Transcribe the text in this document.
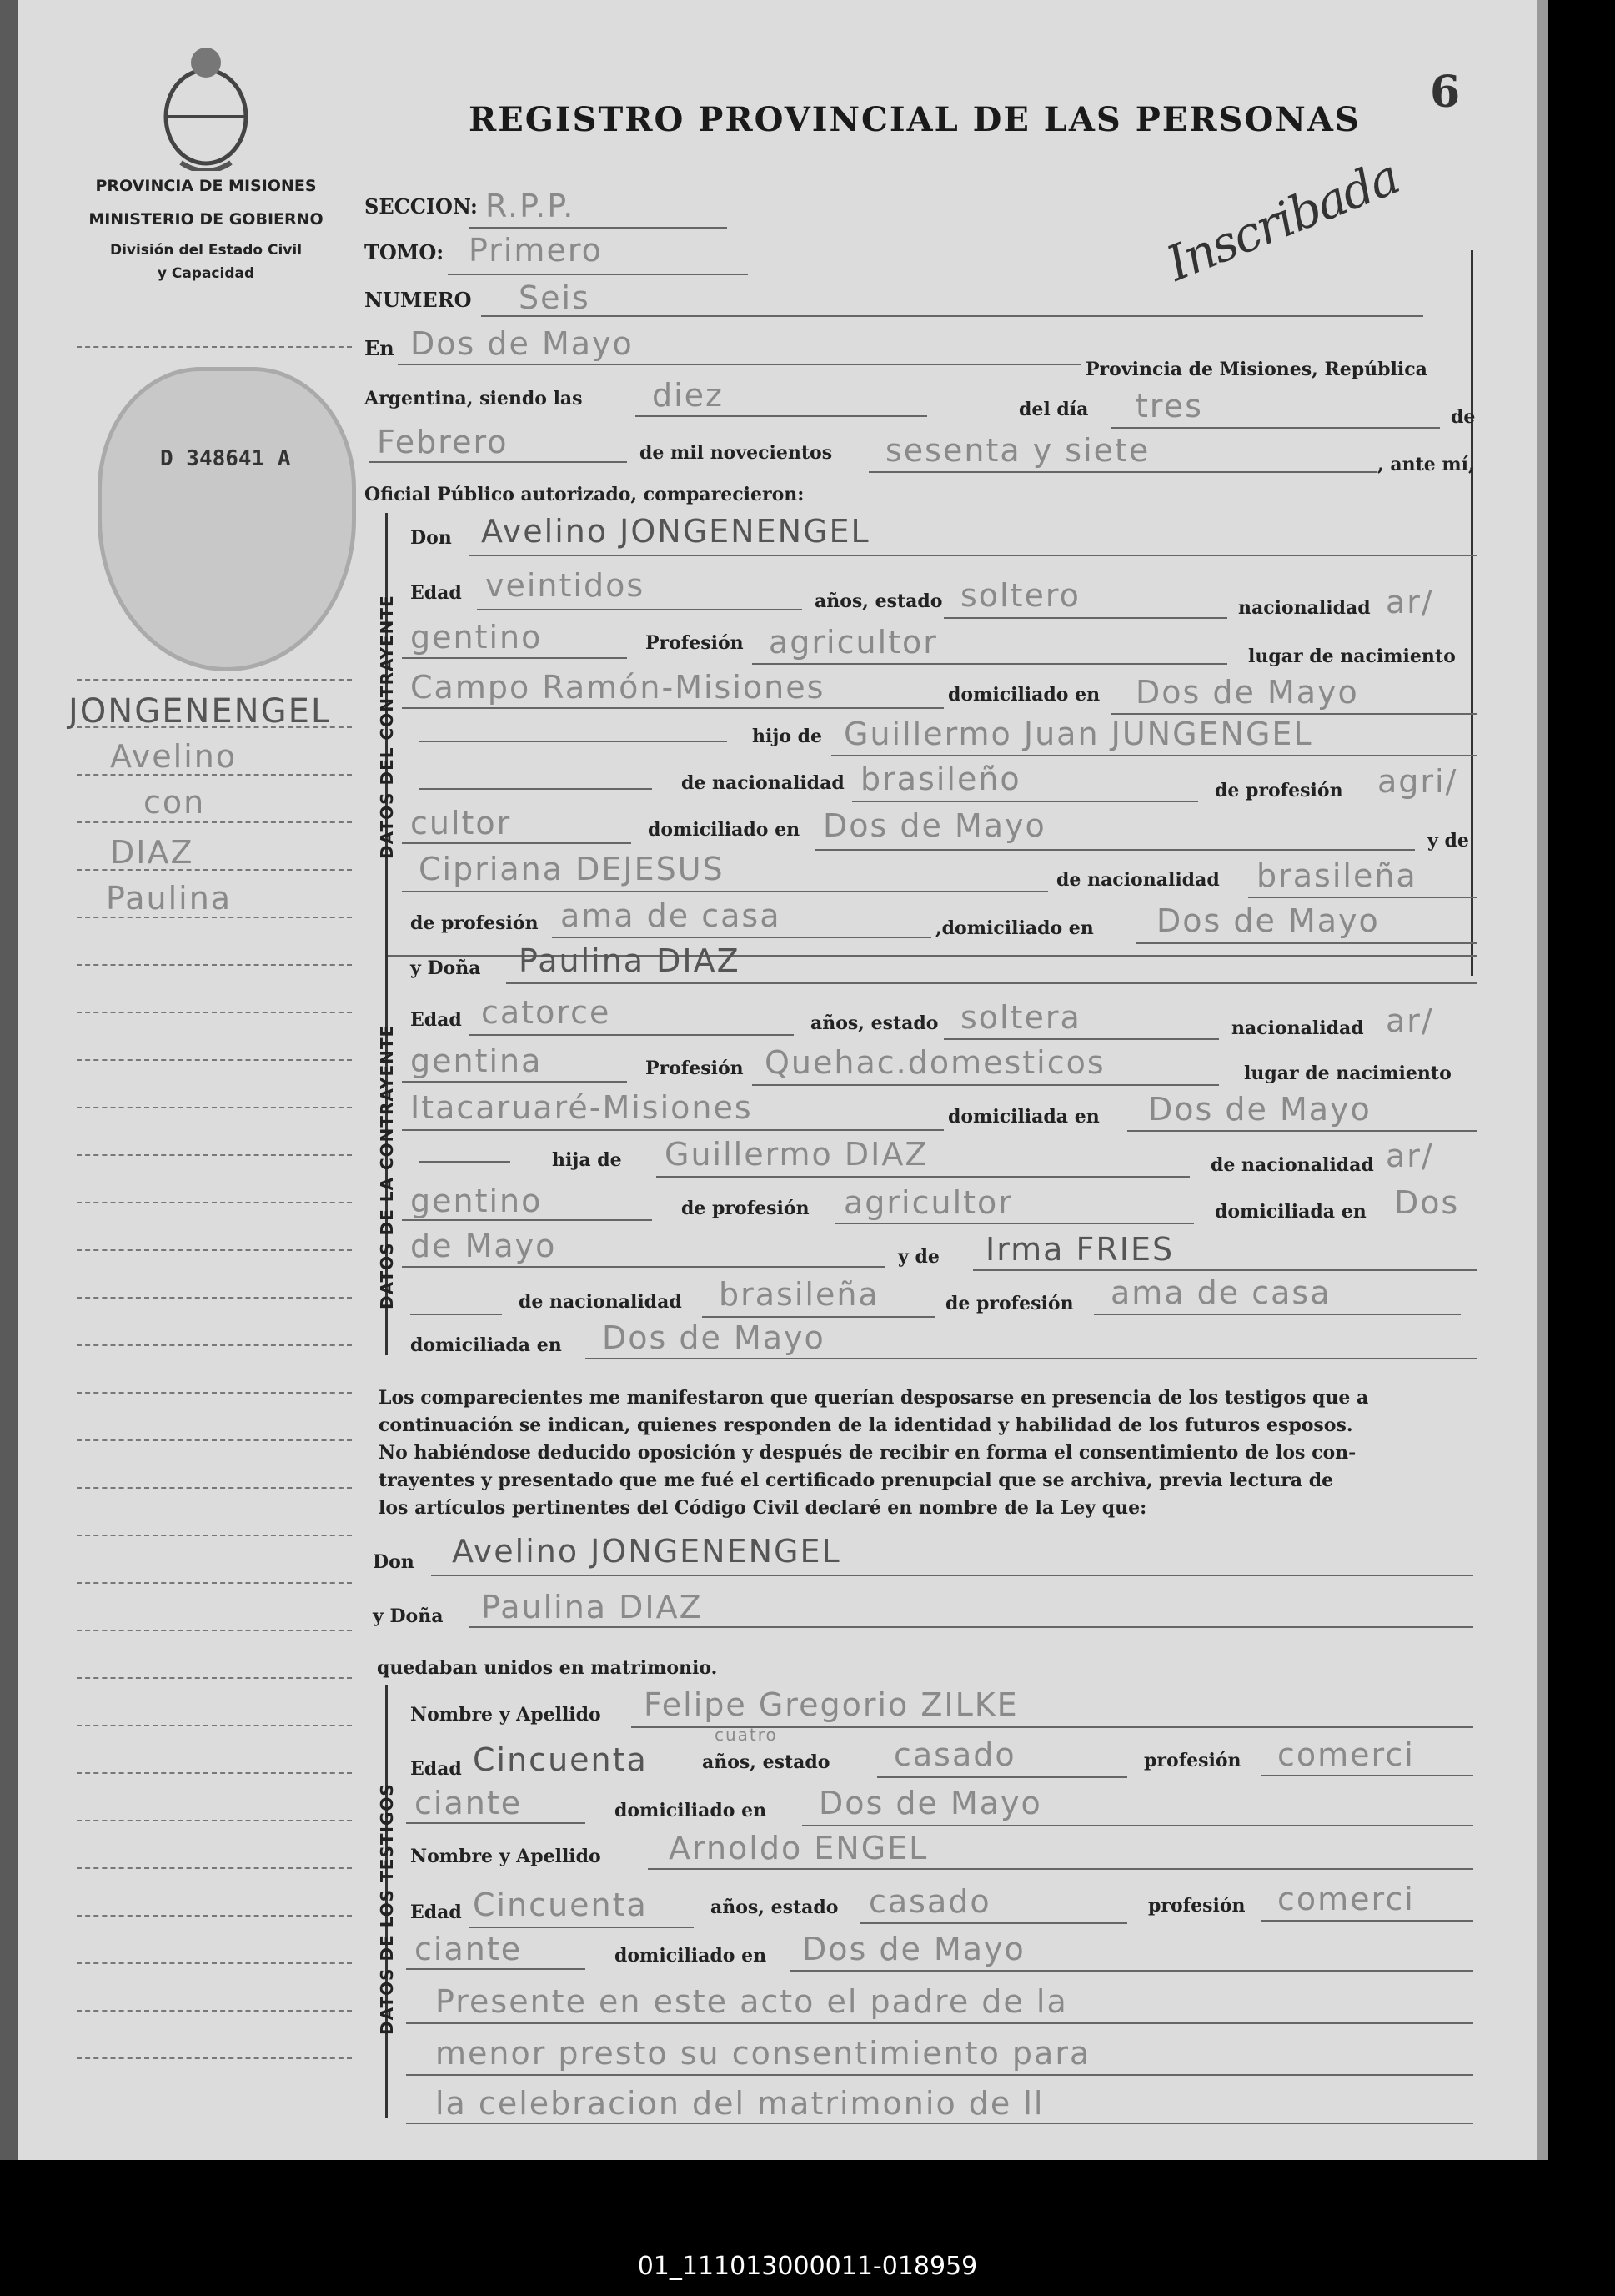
6
REGISTRO PROVINCIAL DE LAS PERSONAS
PROVINCIA DE MISIONES
MINISTERIO DE GOBIERNO
División del Estado Civil
y Capacidad
D 348641 A
JONGENENGEL
Avelino
con
DIAZ
Paulina
Inscribada
SECCION: R.P.P.
TOMO: Primero
NUMERO Seis
En Dos de Mayo
Provincia de Misiones, República
Argentina, siendo las diez	del día tres	de
Febrero	de mil novecientos sesenta y siete	, ante mí,
Oficial Público autorizado, comparecieron:
DATOS DEL CONTRAYENTE
Don Avelino JONGENENGEL
Edad veintidos	años, estado soltero	nacionalidad ar/
gentino	Profesión agricultor	lugar de nacimiento
Campo Ramón-Misiones	domiciliado en Dos de Mayo
hijo de Guillermo Juan JUNGENGEL
de nacionalidad brasileño	de profesión agri/
cultor	domiciliado en Dos de Mayo	y de
Cipriana DEJESUS	de nacionalidad brasileña
de profesión ama de casa	,domiciliado en Dos de Mayo
DATOS DE LA CONTRAYENTE
y Doña Paulina DIAZ
Edad catorce	años, estado soltera	nacionalidad ar/
gentina	Profesión Quehac.domesticos	lugar de nacimiento
Itacaruaré-Misiones	domiciliada en Dos de Mayo
hija de Guillermo DIAZ	de nacionalidad ar/
gentino	de profesión agricultor	domiciliada en Dos
de Mayo	y de Irma FRIES
de nacionalidad brasileña	de profesión ama de casa
domiciliada en Dos de Mayo
Los comparecientes me manifestaron que querían desposarse en presencia de los testigos que a
continuación se indican, quienes responden de la identidad y habilidad de los futuros esposos.
No habiéndose deducido oposición y después de recibir en forma el consentimiento de los con-
trayentes y presentado que me fué el certificado prenupcial que se archiva, previa lectura de
los artículos pertinentes del Código Civil declaré en nombre de la Ley que:
Don Avelino JONGENENGEL
y Doña Paulina DIAZ
quedaban unidos en matrimonio.
DATOS DE LOS TESTIGOS
Nombre y Apellido Felipe Gregorio ZILKE
Edad Cincuenta
cuatro
años, estado casado	profesión comerci
ciante	domiciliado en Dos de Mayo
Nombre y Apellido Arnoldo ENGEL
Edad Cincuenta	años, estado casado	profesión comerci
ciante	domiciliado en Dos de Mayo
Presente en este acto el padre de la
menor presto su consentimiento para
la celebracion del matrimonio de ll
01_111013000011-018959
